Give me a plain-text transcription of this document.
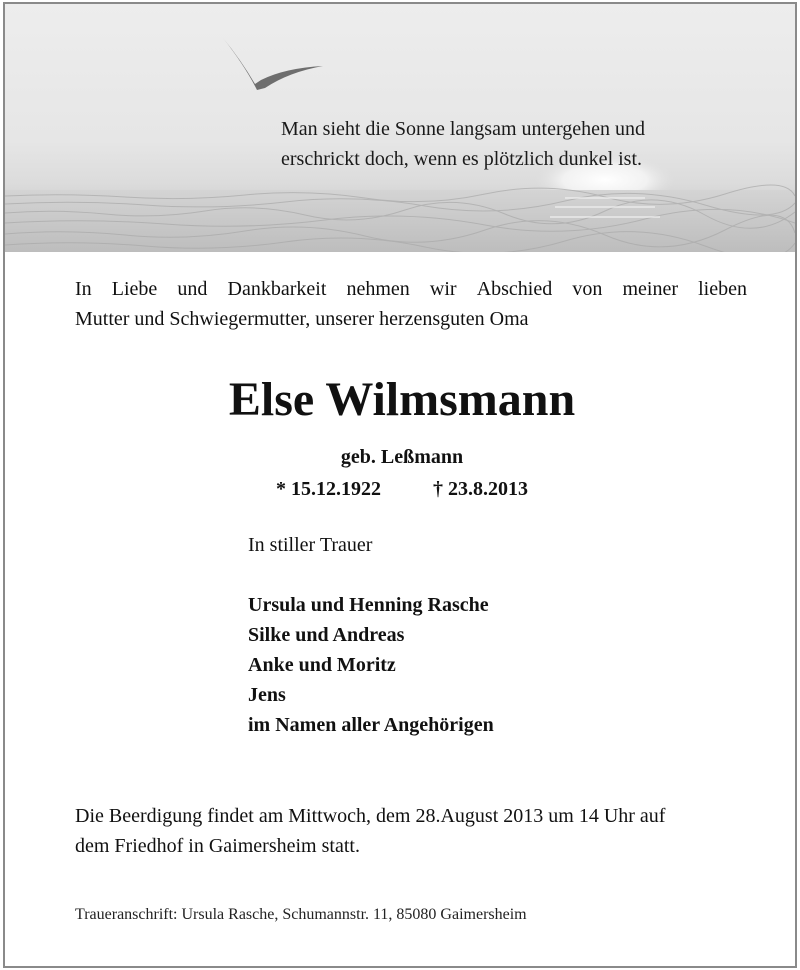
Man sieht die Sonne langsam untergehen und
erschrickt doch, wenn es plötzlich dunkel ist.
In Liebe und Dankbarkeit nehmen wir Abschied von meiner lieben
Mutter und Schwiegermutter, unserer herzensguten Oma
Else Wilmsmann
geb. Leßmann
* 15.12.1922	† 23.8.2013
In stiller Trauer
Ursula und Henning Rasche
Silke und Andreas
Anke und Moritz
Jens
im Namen aller Angehörigen
Die Beerdigung findet am Mittwoch, dem 28.August 2013 um 14 Uhr auf
dem Friedhof in Gaimersheim statt.
Traueranschrift: Ursula Rasche, Schumannstr. 11, 85080 Gaimersheim
